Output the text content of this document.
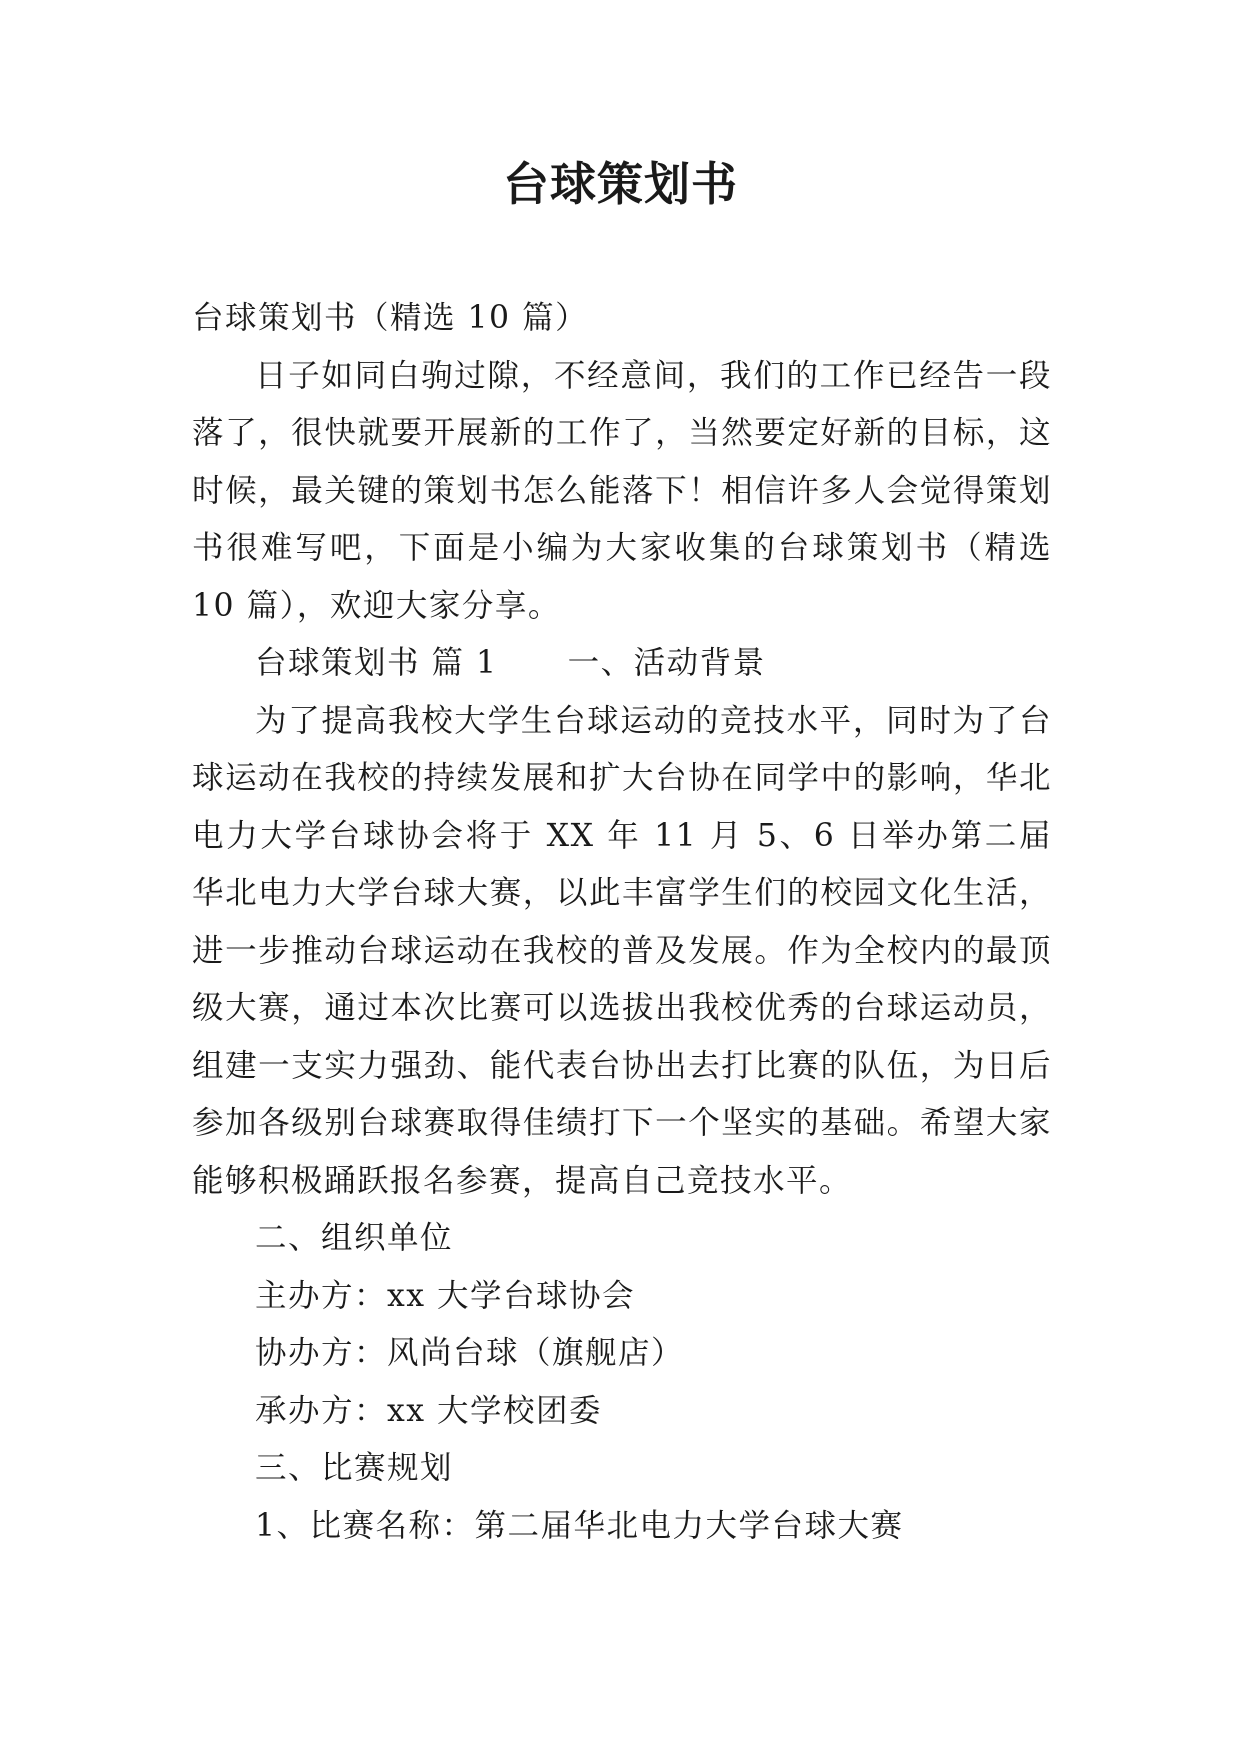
台球策划书

台球策划书（精选 10 篇）

日子如同白驹过隙，不经意间，我们的工作已经告一段落了，很快就要开展新的工作了，当然要定好新的目标，这时候，最关键的策划书怎么能落下！相信许多人会觉得策划书很难写吧，下面是小编为大家收集的台球策划书（精选 10 篇），欢迎大家分享。

台球策划书 篇 1 一、活动背景

为了提高我校大学生台球运动的竞技水平，同时为了台球运动在我校的持续发展和扩大台协在同学中的影响，华北电力大学台球协会将于 XX 年 11 月 5、6 日举办第二届华北电力大学台球大赛，以此丰富学生们的校园文化生活，进一步推动台球运动在我校的普及发展。作为全校内的最顶级大赛，通过本次比赛可以选拔出我校优秀的台球运动员，组建一支实力强劲、能代表台协出去打比赛的队伍，为日后参加各级别台球赛取得佳绩打下一个坚实的基础。希望大家能够积极踊跃报名参赛，提高自己竞技水平。

二、组织单位

主办方：xx 大学台球协会

协办方：风尚台球（旗舰店）

承办方：xx 大学校团委

三、比赛规划

1、比赛名称：第二届华北电力大学台球大赛
